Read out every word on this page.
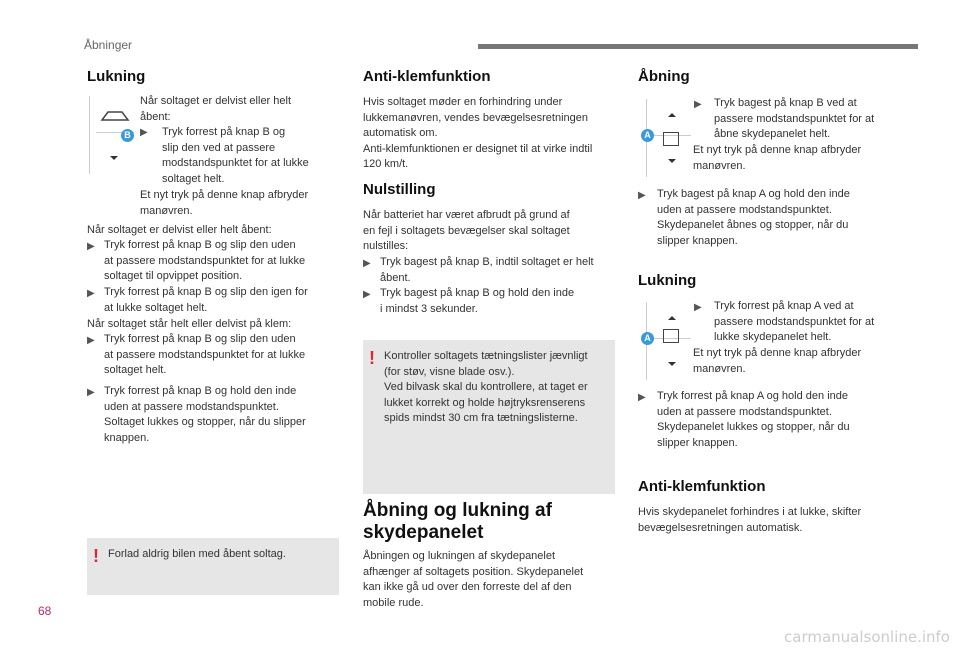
Åbninger
Lukning
B
Når soltaget er delvist eller helt
åbent:
▶ Tryk forrest på knap B og
slip den ved at passere
modstandspunktet for at lukke
soltaget helt.
Et nyt tryk på denne knap afbryder
manøvren.
Når soltaget er delvist eller helt åbent:
▶ Tryk forrest på knap B og slip den uden
at passere modstandspunktet for at lukke
soltaget til opvippet position.
▶ Tryk forrest på knap B og slip den igen for
at lukke soltaget helt.
Når soltaget står helt eller delvist på klem:
▶ Tryk forrest på knap B og slip den uden
at passere modstandspunktet for at lukke
soltaget helt.
▶ Tryk forrest på knap B og hold den inde
uden at passere modstandspunktet.
Soltaget lukkes og stopper, når du slipper
knappen.
! Forlad aldrig bilen med åbent soltag.
Anti-klemfunktion
Hvis soltaget møder en forhindring under
lukkemanøvren, vendes bevægelsesretningen
automatisk om.
Anti-klemfunktionen er designet til at virke indtil
120 km/t.
Nulstilling
Når batteriet har været afbrudt på grund af
en fejl i soltagets bevægelser skal soltaget
nulstilles:
▶ Tryk bagest på knap B, indtil soltaget er helt
åbent.
▶ Tryk bagest på knap B og hold den inde
i mindst 3 sekunder.
! Kontroller soltagets tætningslister jævnligt
(for støv, visne blade osv.).
Ved bilvask skal du kontrollere, at taget er
lukket korrekt og holde højtryksrenserens
spids mindst 30 cm fra tætningslisterne.
Åbning og lukning af
skydepanelet
Åbningen og lukningen af skydepanelet
afhænger af soltagets position. Skydepanelet
kan ikke gå ud over den forreste del af den
mobile rude.
Åbning
A
▶ Tryk bagest på knap B ved at
passere modstandspunktet for at
åbne skydepanelet helt.
Et nyt tryk på denne knap afbryder
manøvren.
▶ Tryk bagest på knap A og hold den inde
uden at passere modstandspunktet.
Skydepanelet åbnes og stopper, når du
slipper knappen.
Lukning
A
▶ Tryk forrest på knap A ved at
passere modstandspunktet for at
lukke skydepanelet helt.
Et nyt tryk på denne knap afbryder
manøvren.
▶ Tryk forrest på knap A og hold den inde
uden at passere modstandspunktet.
Skydepanelet lukkes og stopper, når du
slipper knappen.
Anti-klemfunktion
Hvis skydepanelet forhindres i at lukke, skifter
bevægelsesretningen automatisk.
68
carmanualsonline.info
